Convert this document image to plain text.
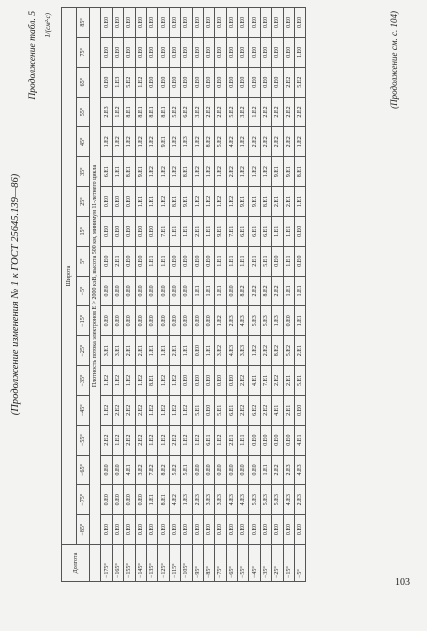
(Продолжение изменения № 1 к ГОСТ 25645.139—86)
Продолжение табл. 5 1/(см²·с)
Долгота	Широта																	
	−85°	−75°	−65°	−55°	−45°	−35°	−25°	−15°	−5°	5°	15°	25°	35°	45°	55°	65°	75°	85°
	Плотность потока электронов E > 2000 кэВ, высота 500 км, минимум 11-летнего цикла																	
−175°	0.E0	0.E0	0.E0	2.E2	1.E2	1.E2	3.E1	0.E0	0.E0	0.E0	0.E0	0.E0	6.E1	1.E2	2.E3	0.E0	0.E0	0.E0
−165°	0.E0	0.E0	0.E0	1.E2	2.E2	1.E2	3.E1	0.E0	0.E0	2.E1	0.E0	0.E0	1.E1	1.E2	1.E2	1.E3	0.E0	0.E0
−155°	0.E0	0.E0	4.E1	2.E2	2.E2	1.E2	2.E1	0.E0	0.E0	0.E0	0.E0	0.E0	8.E1	1.E2	8.E1	5.E2	0.E0	0.E0
−145°	0.E0	0.E0	3.E2	2.E2	2.E2	1.E2	2.E1	0.E0	0.E0	0.E0	0.E0	1.E1	9.E1	1.E2	8.E1	1.E2	0.E0	0.E0
−135°	0.E0	1.E1	7.E2	1.E2	1.E2	8.E1	1.E1	0.E0	0.E0	1.E1	0.E0	1.E1	1.E2	1.E2	8.E1	0.E0	0.E0	0.E0
−125°	0.E0	8.E1	8.E2	1.E2	1.E2	1.E2	1.E1	0.E0	0.E0	1.E1	7.E1	1.E2	1.E2	9.E1	8.E1	0.E0	0.E0	0.E0
−115°	0.E0	4.E2	5.E2	2.E2	1.E2	1.E2	2.E1	0.E0	0.E0	0.E0	1.E1	8.E1	1.E2	1.E2	5.E2	0.E0	0.E0	0.E0
−105°	0.E0	1.E3	5.E1	1.E2	1.E2	0.E0	1.E1	0.E0	0.E0	0.E0	1.E1	9.E1	8.E1	1.E3	6.E2	0.E0	0.E0	0.E0
−95°	0.E0	2.E3	0.E0	1.E2	5.E1	0.E0	0.E0	0.E0	1.E1	0.E0	2.E1	1.E2	1.E2	1.E2	3.E2	0.E0	0.E0	0.E0
−85°	0.E0	3.E3	0.E0	6.E1	0.E0	0.E0	1.E1	0.E0	1.E1	0.E0	1.E1	1.E2	1.E2	8.E2	2.E2	0.E0	0.E0	0.E0
−75°	0.E0	3.E3	0.E0	1.E2	5.E1	0.E0	3.E2	1.E2	1.E1	1.E1	9.E1	1.E2	1.E2	5.E2	2.E2	0.E0	0.E0	0.E0
−65°	0.E0	4.E3	0.E0	2.E1	6.E1	0.E0	4.E3	2.E3	0.E0	1.E1	7.E1	1.E2	2.E2	4.E2	5.E2	0.E0	0.E0	0.E0
−55°	0.E0	4.E3	0.E0	1.E1	2.E2	2.E2	3.E3	4.E3	8.E2	1.E1	6.E1	9.E1	1.E2	1.E2	3.E2	0.E0	0.E0	0.E0
−45°	0.E0	5.E3	0.E0	0.E0	6.E2	4.E1	1.E2	5.E3	2.E2	2.E1	6.E1	9.E1	1.E2	2.E2	1.E2	0.E0	0.E0	0.E0
−35°	0.E0	5.E3	1.E1	0.E0	2.E2	7.E1	2.E2	5.E3	8.E2	5.E1	6.E1	8.E1	1.E2	2.E2	2.E2	0.E0	0.E0	0.E0
−25°	0.E0	5.E3	2.E2	0.E0	4.E1	2.E2	8.E2	1.E3	2.E2	0.E0	1.E1	2.E1	9.E1	2.E2	2.E2	0.E0	0.E0	0.E0
−15°	0.E0	4.E3	2.E3	0.E0	2.E1	2.E1	5.E2	0.E0	1.E1	1.E1	1.E1	2.E1	9.E1	2.E2	2.E2	2.E2	0.E0	0.E0
−5°	0.E0	2.E3	4.E3	4.E1	0.E0	5.E1	2.E1	1.E1	1.E1	0.E0	0.E0	1.E1	8.E1	1.E2	2.E2	5.E2	1.E0	0.E0	(Продолжение см. с. 104)
103
